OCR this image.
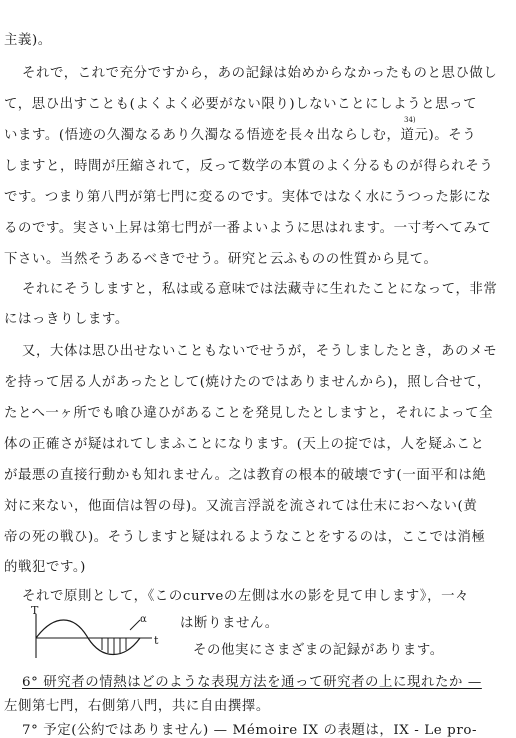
主義)。
それで，これで充分ですから，あの記録は始めからなかったものと思ひ做し
て，思ひ出すことも(よくよく必要がない限り)しないことにしようと思って
34)
います。(悟迹の久濁なるあり久濁なる悟迹を長々出ならしむ，道元)。そう
しますと，時間が圧縮されて，反って数学の本質のよく分るものが得られそう
です。つまり第八門が第七門に変るのです。実体ではなく水にうつった影にな
るのです。実さい上昇は第七門が一番よいように思はれます。一寸考へてみて
下さい。当然そうあるべきでせう。研究と云ふものの性質から見て。
それにそうしますと，私は或る意味では法藏寺に生れたことになって，非常
にはっきりします。
又，大体は思ひ出せないこともないでせうが，そうしましたとき，あのメモ
を持って居る人があったとして(焼けたのではありませんから)，照し合せて，
たとへ一ヶ所でも喰ひ違ひがあることを発見したとしますと，それによって全
体の正確さが疑はれてしまふことになります。(天上の掟では，人を疑ふこと
が最悪の直接行動かも知れません。之は教育の根本的破壊です(一面平和は絶
対に来ない，他面信は智の母)。又流言浮説を流されては仕末におへない(黄
帝の死の戦ひ)。そうしますと疑はれるようなことをするのは，ここでは消極
的戦犯です。)
それで原則として，《このcurveの左側は水の影を見て申します》，一々
T
t
α は断りません。
その他実にさまざまの記録があります。
6° 研究者の情熱はどのような表現方法を通って研究者の上に現れたか —
左側第七門，右側第八門，共に自由撰擇。
7° 予定(公約ではありません) — Mémoire IX の表題は，IX - Le pro-
